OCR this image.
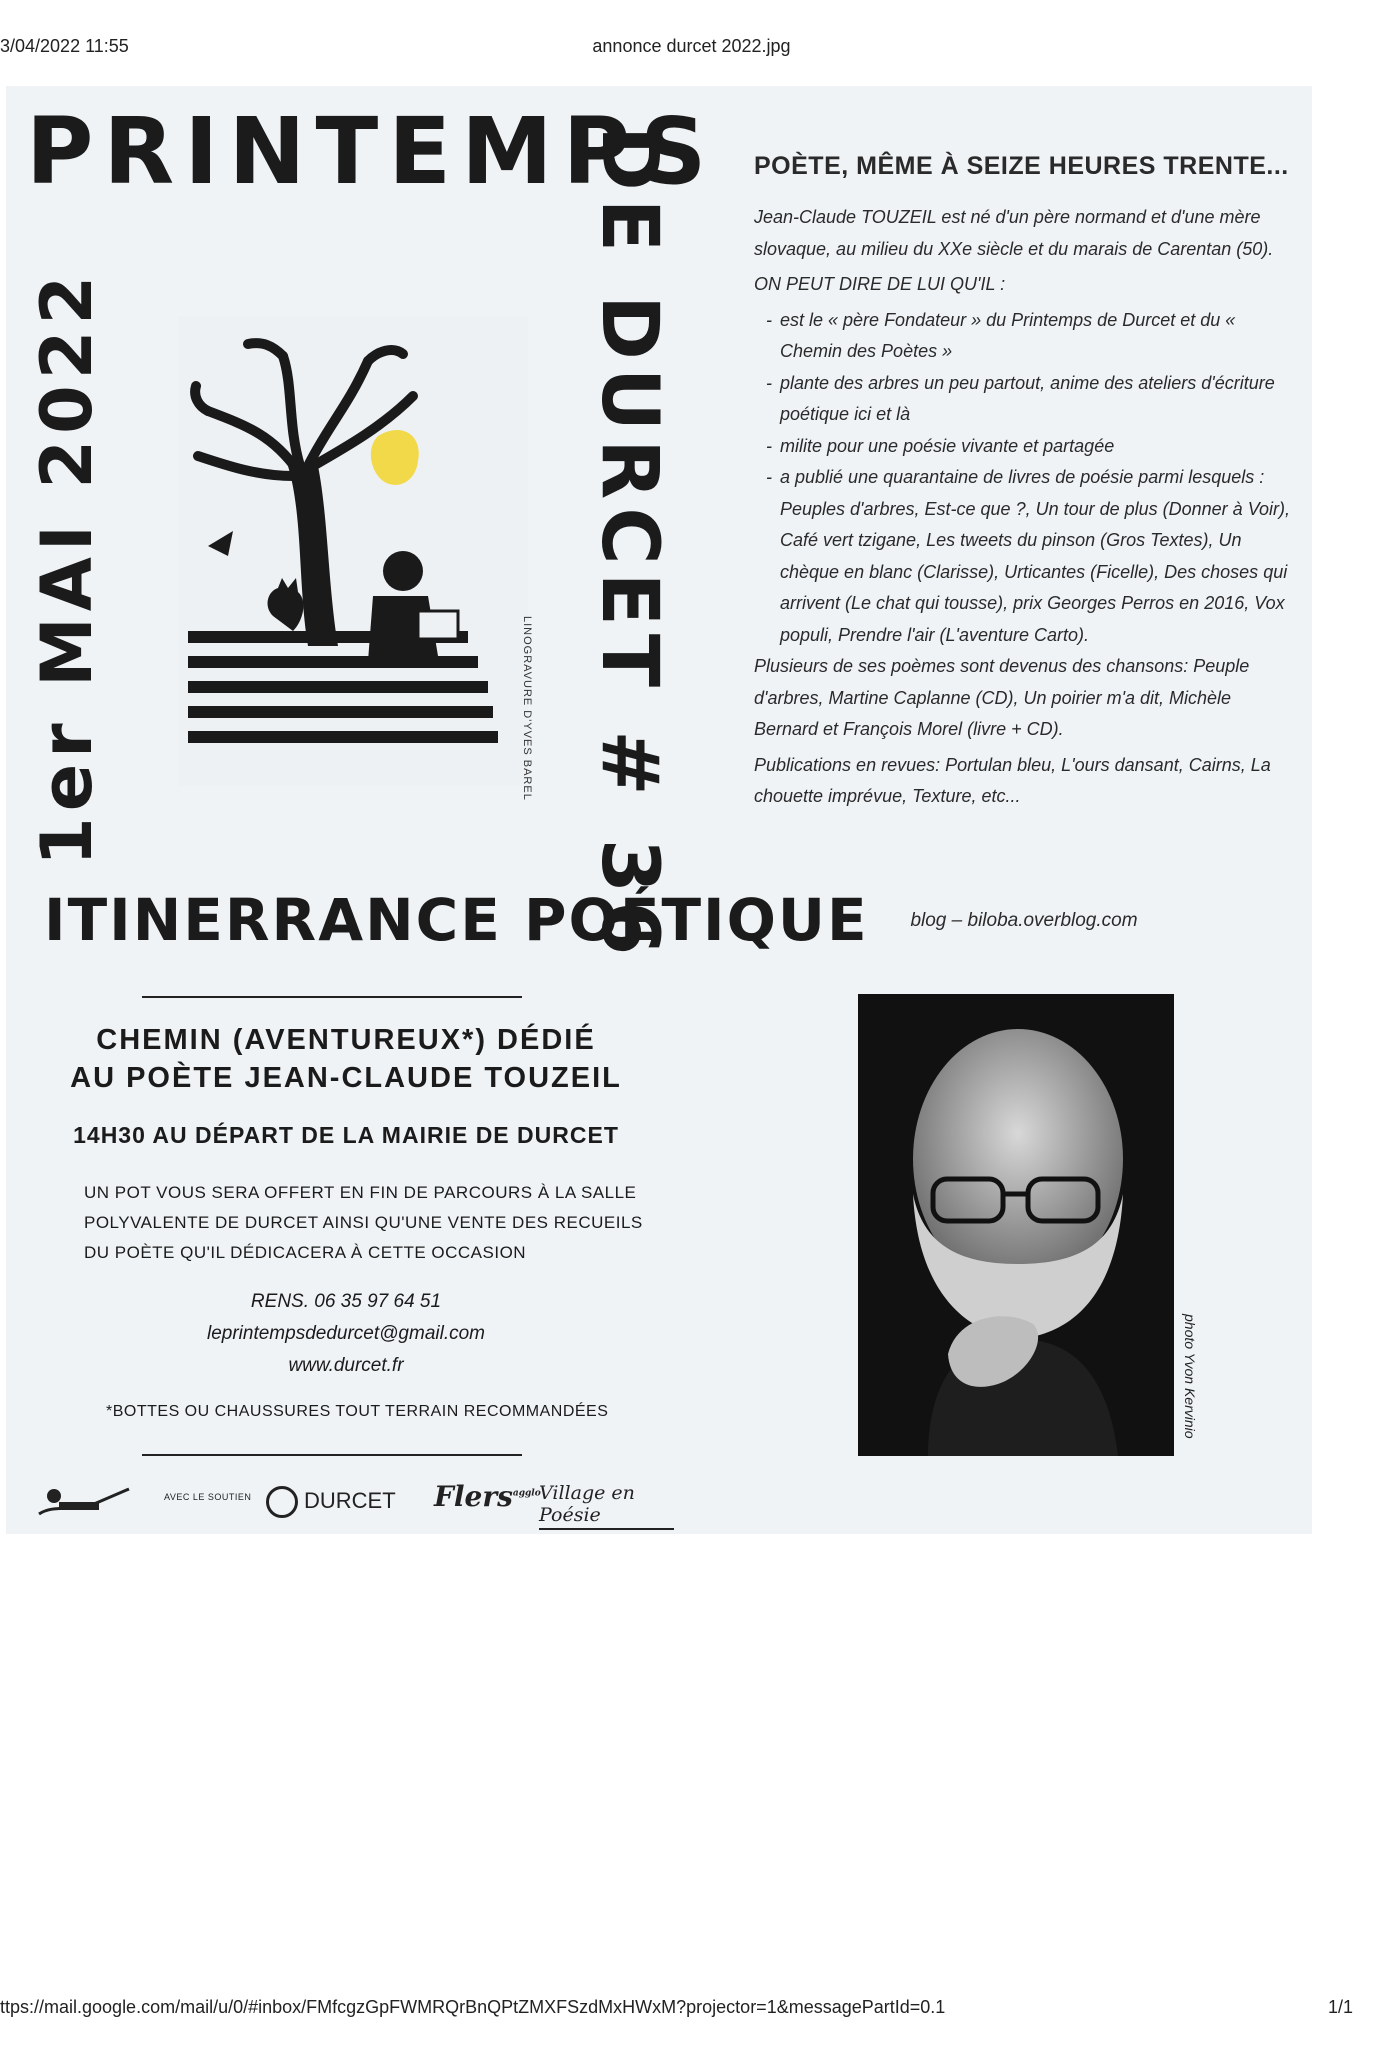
3/04/2022 11:55	annonce durcet 2022.jpg
PRINTEMPS
DE DURCET # 36
1er MAI 2022	LINOGRAVURE D'YVES BAREL
ITINERRANCE POÉTIQUE
CHEMIN (AVENTUREUX*) DÉDIÉ
AU POÈTE JEAN-CLAUDE TOUZEIL
14H30 AU DÉPART DE LA MAIRIE DE DURCET
UN POT VOUS SERA OFFERT EN FIN DE PARCOURS À LA SALLE POLYVALENTE DE DURCET AINSI QU'UNE VENTE DES RECUEILS DU POÈTE QU'IL DÉDICACERA À CETTE OCCASION
RENS. 06 35 97 64 51
leprintempsdedurcet@gmail.com
www.durcet.fr
*BOTTES OU CHAUSSURES TOUT TERRAIN RECOMMANDÉES
AVEC LE SOUTIEN	DURCET Flers$^{agglo}$
Village en Poésie
POÈTE, MÊME À SEIZE HEURES TRENTE...

Jean-Claude TOUZEIL est né d'un père normand et d'une mère slovaque, au milieu du XXe siècle et du marais de Carentan (50).

ON PEUT DIRE DE LUI QU'IL :

- est le « père Fondateur » du Printemps de Durcet et du « Chemin des Poètes »
- plante des arbres un peu partout, anime des ateliers d'écriture poétique ici et là
- milite pour une poésie vivante et partagée
- a publié une quarantaine de livres de poésie parmi lesquels : Peuples d'arbres, Est-ce que ?, Un tour de plus (Donner à Voir), Café vert tzigane, Les tweets du pinson (Gros Textes), Un chèque en blanc (Clarisse), Urticantes (Ficelle), Des choses qui arrivent (Le chat qui tousse), prix Georges Perros en 2016, Vox populi, Prendre l'air (L'aventure Carto).

Plusieurs de ses poèmes sont devenus des chansons: Peuple d'arbres, Martine Caplanne (CD), Un poirier m'a dit, Michèle Bernard et François Morel (livre + CD).

Publications en revues: Portulan bleu, L'ours dansant, Cairns, La chouette imprévue, Texture, etc...

blog – biloba.overblog.com
photo Yvon Kervinio
ttps://mail.google.com/mail/u/0/#inbox/FMfcgzGpFWMRQrBnQPtZMXFSzdMxHWxM?projector=1&messagePartId=0.1	1/1
